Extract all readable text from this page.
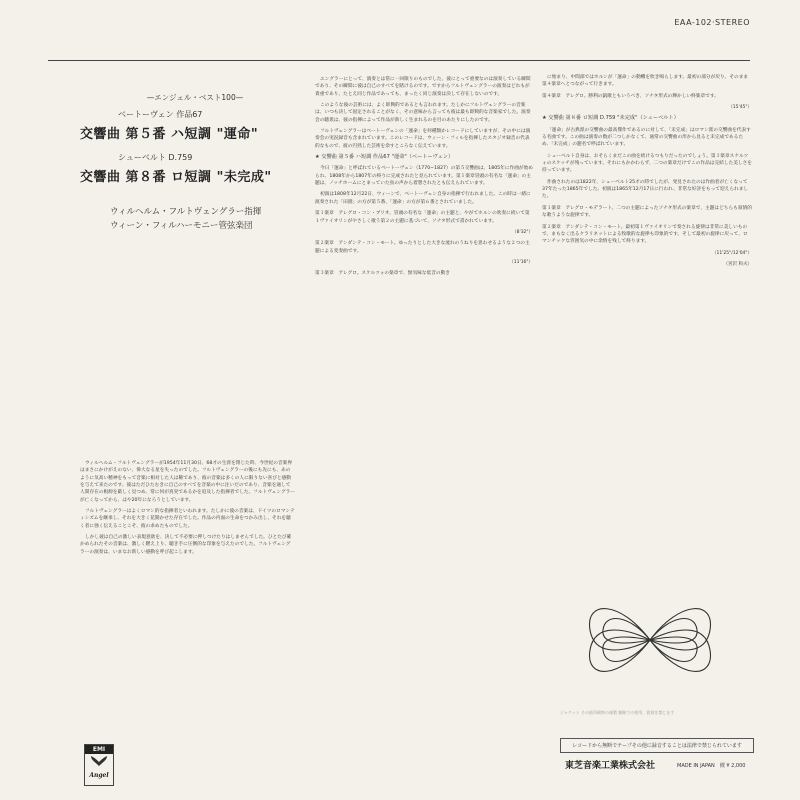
EAA-102·STEREO
—エンジェル・ベスト100—
ベートーヴェン 作品67
交響曲 第５番 ハ短調 "運命"
シューベルト D.759
交響曲 第８番 ロ短調 "未完成"
ウィルヘルム・フルトヴェングラー指揮
ウィーン・フィルハーモニー管弦楽団

ウィルヘルム・フルトヴェングラーが1954年11月30日、68才の生涯を閉じた時、今世紀の音楽界はまさにかけがえのない、偉大なる星を失ったのでした。フルトヴェングラーの後にも先にも、あのように気高い精神をもって音楽に相対した人は稀であり、彼の音楽は多くの人に限りない喜びと感動を与えて来たのです。彼はただひたむきに自己のすべてを音楽の中に注いだのであり、音楽を通して人間存在の根源を厳しく見つめ、常に何が真実であるかを追及した指揮者でした。フルトヴェングラーが亡くなってから、はや20年になろうとしています。

フルトヴェングラーはよくロマン的な指揮者といわれます。たしかに彼の音楽は、ドイツのロマンティシズムを継承し、それを大きく花開かせた存在でした。作品の内面の生命をつかみ出し、それを聴く者に強く伝えることこそ、彼の求めたものでした。

しかし彼は自己の激しい表現意欲を、決して不必要に押しつけたりはしませんでした。ひとたび確かめられたその音楽は、激しく燃え上り、聴き手に圧倒的な印象を与えたのでした。フルトヴェングラーの演奏は、いまなお新しい感動を呼び起こします。

エングラーにとって、演奏とは常に一回限りのものでした。彼にとって重要なのは演奏している瞬間であり、その瞬間に彼は自己のすべてを賭けるのです。ですからフルトヴェングラーの演奏はどれもが貴重であり、たとえ同じ作品であっても、まったく同じ演奏は決して存在しないのです。

このような彼の芸術には、よく即興的であるとも言われます。たしかにフルトヴェングラーの音楽は、いつも決して固定されることがなく、その意味から言っても彼は最も即興的な音楽家でした。演奏会の聴衆は、彼の指揮によって作品が新しく生まれるのを目のあたりにしたのです。

フルトヴェングラーはベートーヴェンの「運命」を何種類かレコードにしていますが、その中には演奏会の実況録音も含まれています。このレコードは、ウィーン・フィルを指揮したスタジオ録音の代表的なもので、彼の円熟した芸術を余すところなく伝えています。

★ 交響曲 第５番 ハ短調 作品67 "運命"（ベートーヴェン）

今日「運命」と呼ばれているベートーヴェン（1770−1827）の第５交響曲は、1805年に作曲が始められ、1808年から1807年の終りに完成されたと見られています。第１楽章冒頭の有名な「運命」の主題は、ノッチホームにとまっていた鳥の声から着想されたとも伝えられています。

初演は1808年12月22日、ウィーンで、ベートーヴェン自身の指揮で行われました。この時は一緒に演奏された「田園」の方が第５番、「運命」の方が第６番とされていました。

第１楽章　アレグロ・コン・ブリオ。冒頭の有名な「運命」の主題と、やがてホルンの吹奏に続いて第１ヴァイオリンがやさしく歌う第２の主題に基づいて、ソナタ形式で書かれています。

（8'32"）

第２楽章　アンダンテ・コン・モート。ゆったりとした大きな流れのうねりを思わせるような２つの主題による変奏曲です。

（11'16"）

第３楽章　アレグロ。スケルツォの楽章で、無気味な低音の動き

に始まり、中間部ではホルンが「運命」の動機を吹き鳴らします。最初の部分が戻り、そのまま第４楽章へとつながって行きます。

第４楽章　アレグロ。勝利の凱歌ともいうべき、ソナタ形式の輝かしい終楽章です。

（15'45"）

★ 交響曲 第８番 ロ短調 D.759 "未完成"（シューベルト）

「運命」が古典派の交響曲の最高傑作であるのに対して、「未完成」はロマン派の交響曲を代表する名曲です。この曲は演奏の数が二つしかなくて、通常の交響曲の形から見ると未完成であるため、「未完成」の題名で呼ばれています。

シューベルト自身は、おそらくまだこの曲を続けるつもりだったのでしょう。第３楽章スケルツォのスケッチが残っています。それにもかかわらず、二つの楽章だけでこの作品は完結した美しさを持っています。

作曲されたのは1822年、シューベルト25才の時でしたが、発見されたのは作曲者が亡くなって37年たった1865年でした。初演は1865年12月17日に行われ、非常な好評をもって迎えられました。

第１楽章　アレグロ・モデラート。二つの主題によったソナタ形式の楽章で、主題はどちらも叙情的な歌うような旋律です。

第２楽章　アンダンテ・コン・モート。最初第１ヴァイオリンで奏される旋律は非常に美しいもので、まもなく出るクラリネットによる牧歌的な旋律も印象的です。そして最初の旋律に戻って、ロマンチックな雰囲気の中に余情を残して終ります。

（11'25"/12'04"）

（宮沢 和夫）

ジャケット その他印刷物の複製 無断での使用、賃貸を禁じます
レコードから無断でテープその他に録音することは法律で禁じられています
東芝音楽工業株式会社	MADE IN JAPAN　價 ¥ 2,000
EMI
Angel
